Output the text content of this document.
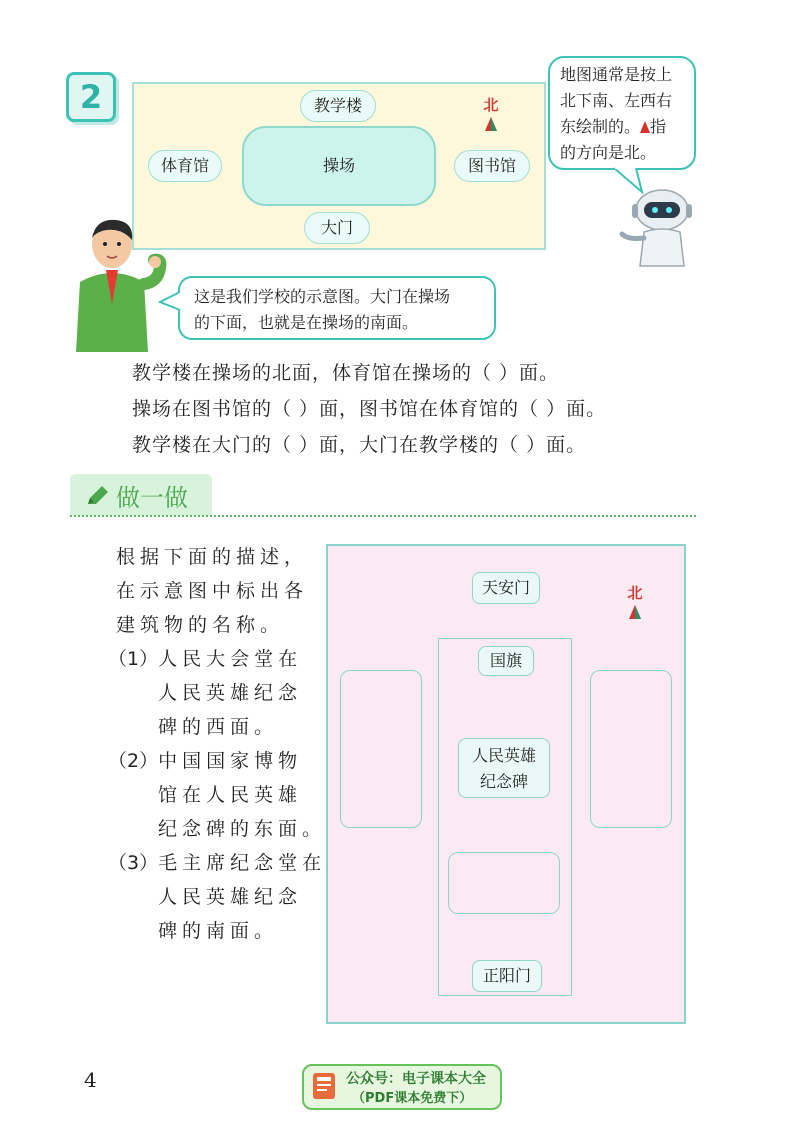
2	教学楼	北
体育馆	操场	图书馆
大门
地图通常是按上
北下南、左西右
东绘制的。 指
的方向是北。
这是我们学校的示意图。大门在操场
的下面，也就是在操场的南面。
教学楼在操场的北面，体育馆在操场的（ ）面。
操场在图书馆的（ ）面，图书馆在体育馆的（ ）面。
教学楼在大门的（ ）面，大门在教学楼的（ ）面。
做一做
根据下面的描述，
在示意图中标出各
建筑物的名称。
（1）人民大会堂在
人民英雄纪念
碑的西面。
（2）中国国家博物
馆在人民英雄
纪念碑的东面。
（3）毛主席纪念堂在
人民英雄纪念
碑的南面。
天安门	北
国旗
人民英雄
纪念碑
正阳门
4	公众号：电子课本大全
（PDF课本免费下）
